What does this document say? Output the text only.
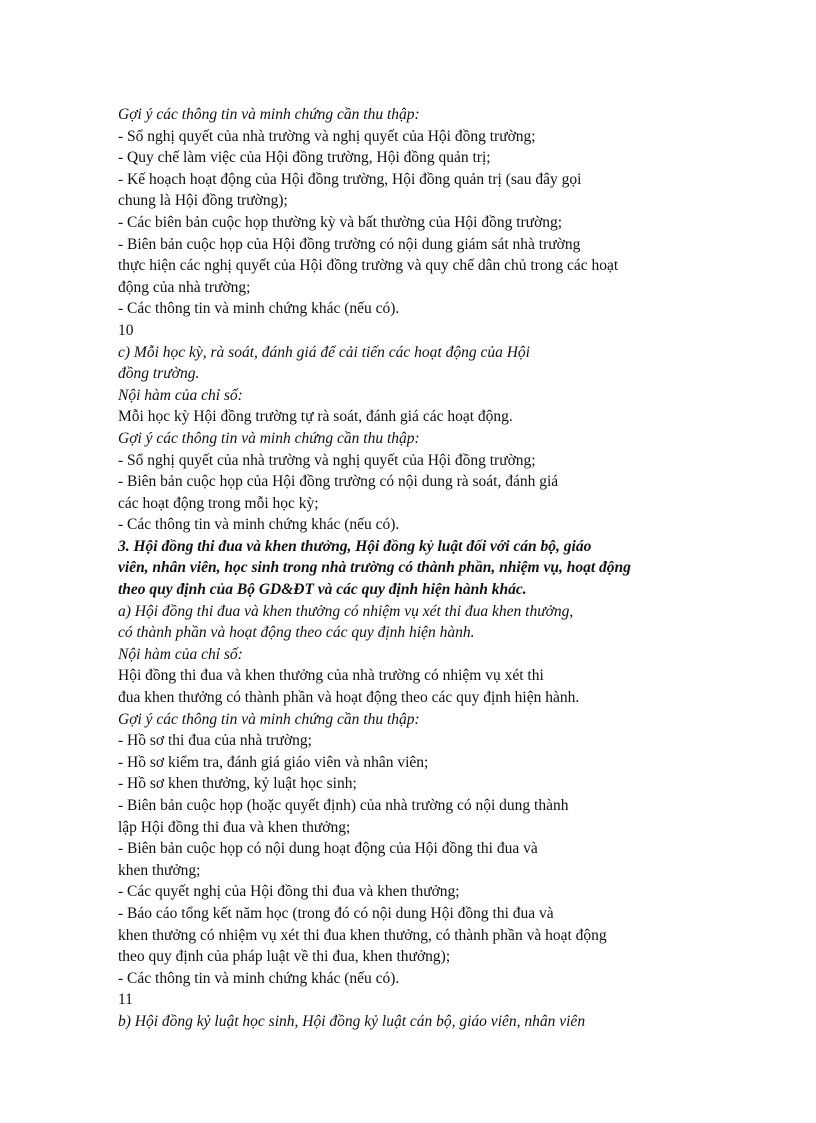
Gợi ý các thông tin và minh chứng cần thu thập:
- Sổ nghị quyết của nhà trường và nghị quyết của Hội đồng trường;
- Quy chế làm việc của Hội đồng trường, Hội đồng quản trị;
- Kế hoạch hoạt động của Hội đồng trường, Hội đồng quản trị (sau đây gọi
chung là Hội đồng trường);
- Các biên bản cuộc họp thường kỳ và bất thường của Hội đồng trường;
- Biên bản cuộc họp của Hội đồng trường có nội dung giám sát nhà trường
thực hiện các nghị quyết của Hội đồng trường và quy chế dân chủ trong các hoạt
động của nhà trường;
- Các thông tin và minh chứng khác (nếu có).
10
c) Mỗi học kỳ, rà soát, đánh giá để cải tiến các hoạt động của Hội
đồng trường.
Nội hàm của chỉ số:
Mỗi học kỳ Hội đồng trường tự rà soát, đánh giá các hoạt động.
Gợi ý các thông tin và minh chứng cần thu thập:
- Sổ nghị quyết của nhà trường và nghị quyết của Hội đồng trường;
- Biên bản cuộc họp của Hội đồng trường có nội dung rà soát, đánh giá
các hoạt động trong mỗi học kỳ;
- Các thông tin và minh chứng khác (nếu có).
3. Hội đồng thi đua và khen thưởng, Hội đồng kỷ luật đối với cán bộ, giáo
viên, nhân viên, học sinh trong nhà trường có thành phần, nhiệm vụ, hoạt động
theo quy định của Bộ GD&ĐT và các quy định hiện hành khác.
a) Hội đồng thi đua và khen thưởng có nhiệm vụ xét thi đua khen thưởng,
có thành phần và hoạt động theo các quy định hiện hành.
Nội hàm của chỉ số:
Hội đồng thi đua và khen thưởng của nhà trường có nhiệm vụ xét thi
đua khen thưởng có thành phần và hoạt động theo các quy định hiện hành.
Gợi ý các thông tin và minh chứng cần thu thập:
- Hồ sơ thi đua của nhà trường;
- Hồ sơ kiểm tra, đánh giá giáo viên và nhân viên;
- Hồ sơ khen thưởng, kỷ luật học sinh;
- Biên bản cuộc họp (hoặc quyết định) của nhà trường có nội dung thành
lập Hội đồng thi đua và khen thưởng;
- Biên bản cuộc họp có nội dung hoạt động của Hội đồng thi đua và
khen thưởng;
- Các quyết nghị của Hội đồng thi đua và khen thưởng;
- Báo cáo tổng kết năm học (trong đó có nội dung Hội đồng thi đua và
khen thưởng có nhiệm vụ xét thi đua khen thưởng, có thành phần và hoạt động
theo quy định của pháp luật về thi đua, khen thưởng);
- Các thông tin và minh chứng khác (nếu có).
11
b) Hội đồng kỷ luật học sinh, Hội đồng kỷ luật cán bộ, giáo viên, nhân viên
